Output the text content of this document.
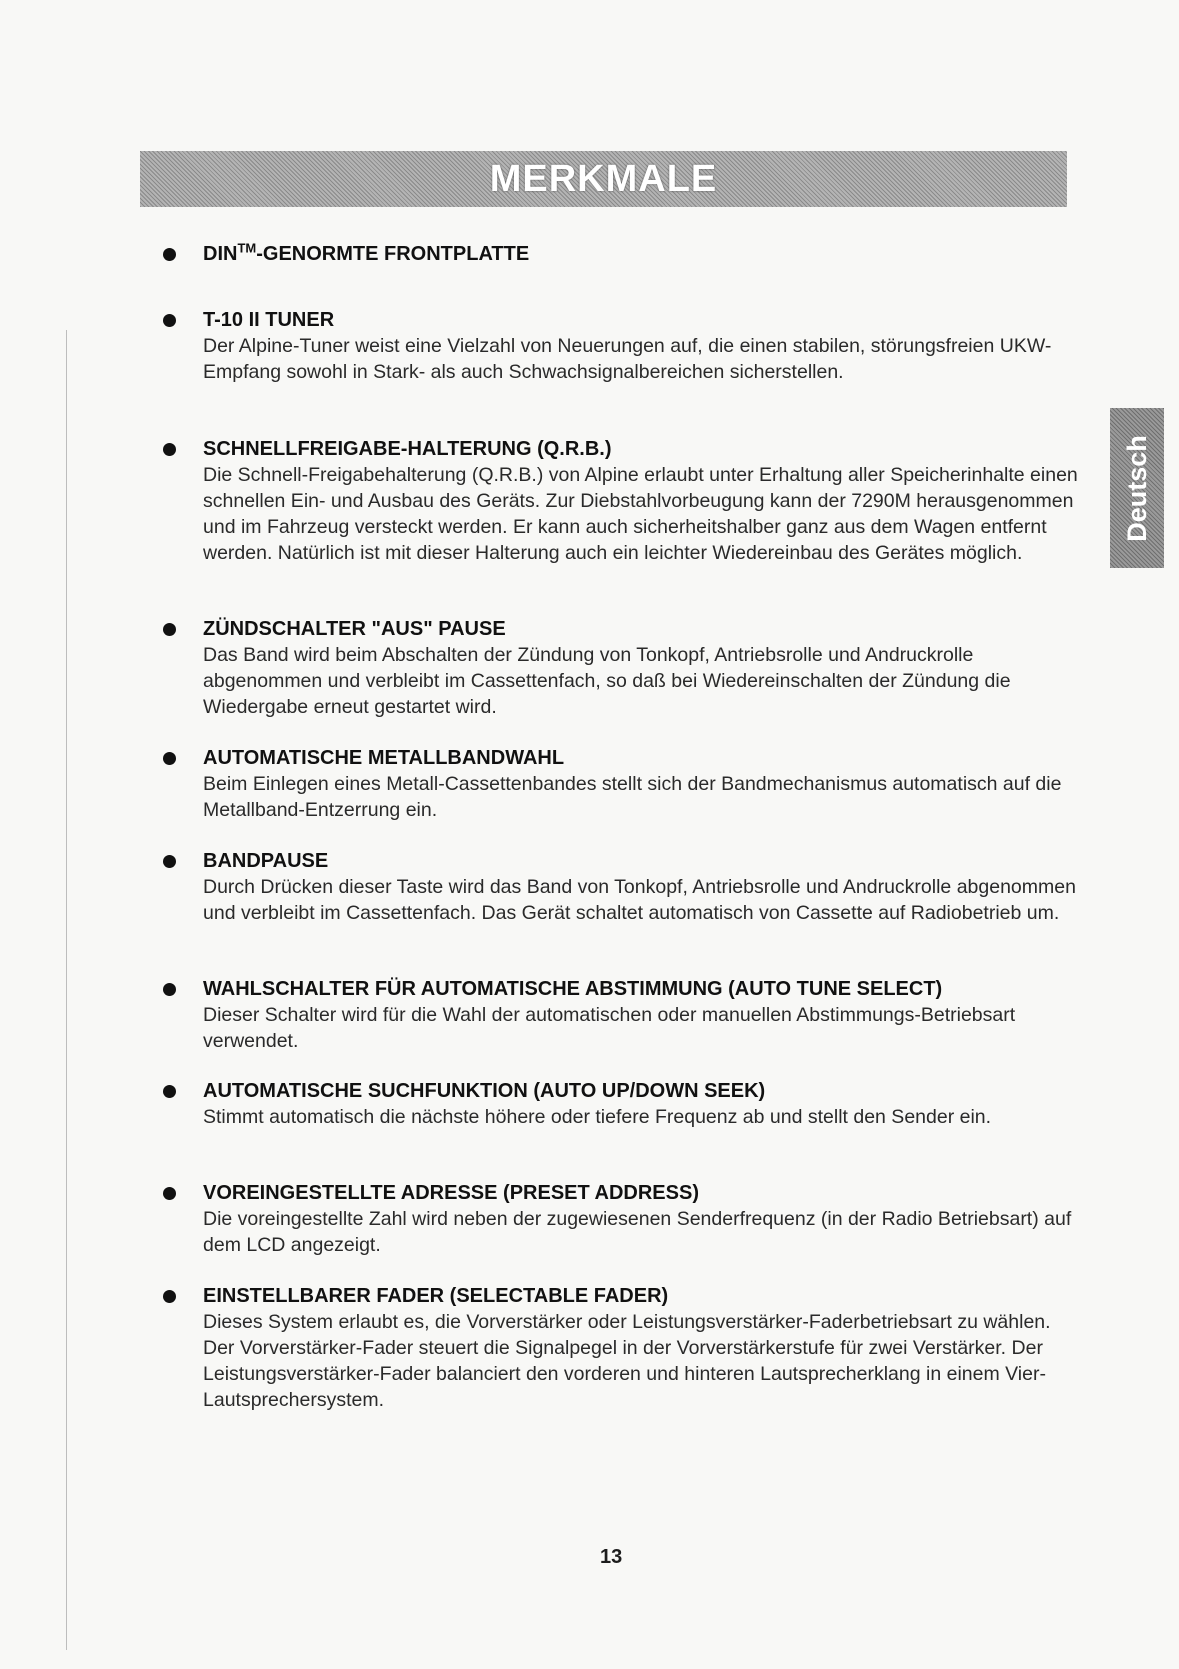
MERKMALE
Deutsch
DIN™-GENORMTE FRONTPLATTE
T-10 II TUNER

Der Alpine-Tuner weist eine Vielzahl von Neuerungen auf, die einen stabilen, störungsfreien UKW-Empfang sowohl in Stark- als auch Schwachsignalbereichen sicherstellen.

SCHNELLFREIGABE-HALTERUNG (Q.R.B.)

Die Schnell-Freigabehalterung (Q.R.B.) von Alpine erlaubt unter Erhaltung aller Speicherinhalte einen schnellen Ein- und Ausbau des Geräts. Zur Diebstahlvorbeugung kann der 7290M herausgenommen und im Fahrzeug versteckt werden. Er kann auch sicherheitshalber ganz aus dem Wagen entfernt werden. Natürlich ist mit dieser Halterung auch ein leichter Wiedereinbau des Gerätes möglich.

ZÜNDSCHALTER "AUS" PAUSE

Das Band wird beim Abschalten der Zündung von Tonkopf, Antriebsrolle und Andruckrolle abgenommen und verbleibt im Cassettenfach, so daß bei Wiedereinschalten der Zündung die Wiedergabe erneut gestartet wird.

AUTOMATISCHE METALLBANDWAHL

Beim Einlegen eines Metall-Cassettenbandes stellt sich der Bandmechanismus automatisch auf die Metallband-Entzerrung ein.

BANDPAUSE

Durch Drücken dieser Taste wird das Band von Tonkopf, Antriebsrolle und Andruckrolle abgenommen und verbleibt im Cassettenfach. Das Gerät schaltet automatisch von Cassette auf Radiobetrieb um.

WAHLSCHALTER FÜR AUTOMATISCHE ABSTIMMUNG (AUTO TUNE SELECT)

Dieser Schalter wird für die Wahl der automatischen oder manuellen Abstimmungs-Betriebsart verwendet.

AUTOMATISCHE SUCHFUNKTION (AUTO UP/DOWN SEEK)

Stimmt automatisch die nächste höhere oder tiefere Frequenz ab und stellt den Sender ein.

VOREINGESTELLTE ADRESSE (PRESET ADDRESS)

Die voreingestellte Zahl wird neben der zugewiesenen Senderfrequenz (in der Radio Betriebsart) auf dem LCD angezeigt.

EINSTELLBARER FADER (SELECTABLE FADER)

Dieses System erlaubt es, die Vorverstärker oder Leistungsverstärker-Faderbetriebsart zu wählen. Der Vorverstärker-Fader steuert die Signalpegel in der Vorverstärkerstufe für zwei Verstärker. Der Leistungsverstärker-Fader balanciert den vorderen und hinteren Lautsprecherklang in einem Vier-Lautsprechersystem.

13
